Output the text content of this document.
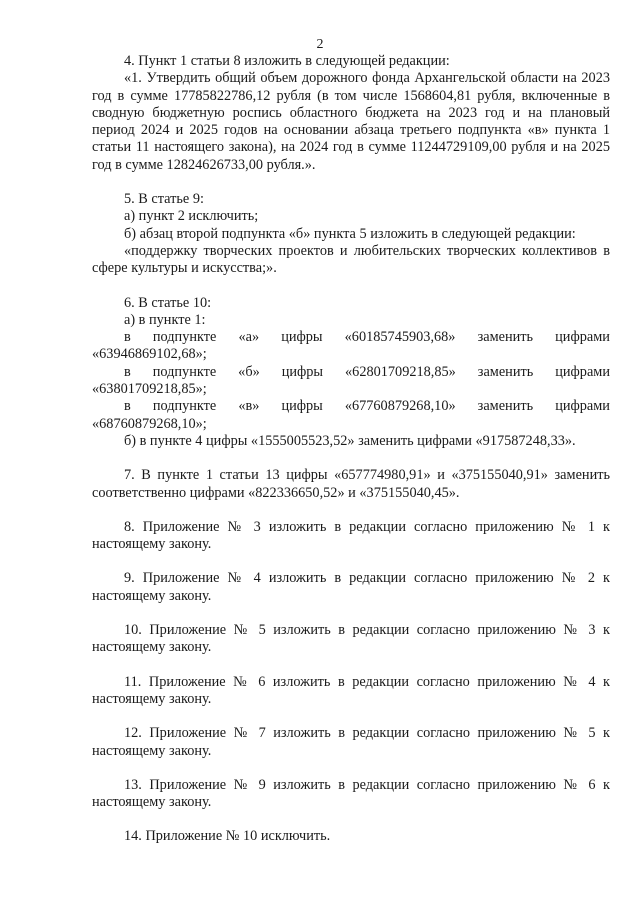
2

4. Пункт 1 статьи 8 изложить в следующей редакции:

«1. Утвердить общий объем дорожного фонда Архангельской области на 2023 год в сумме 17785822786,12 рубля (в том числе 1568604,81 рубля, включенные в сводную бюджетную роспись областного бюджета на 2023 год и на плановый период 2024 и 2025 годов на основании абзаца третьего подпункта «в» пункта 1 статьи 11 настоящего закона), на 2024 год в сумме 11244729109,00 рубля и на 2025 год в сумме 12824626733,00 рубля.».

5. В статье 9:

а) пункт 2 исключить;

б) абзац второй подпункта «б» пункта 5 изложить в следующей редакции:

«поддержку творческих проектов и любительских творческих коллективов в сфере культуры и искусства;».

6. В статье 10:

а) в пункте 1:

в подпункте «а» цифры «60185745903,68» заменить цифрами

«63946869102,68»;

в подпункте «б» цифры «62801709218,85» заменить цифрами

«63801709218,85»;

в подпункте «в» цифры «67760879268,10» заменить цифрами

«68760879268,10»;

б) в пункте 4 цифры «1555005523,52» заменить цифрами «917587248,33».

7. В пункте 1 статьи 13 цифры «657774980,91» и «375155040,91» заменить соответственно цифрами «822336650,52» и «375155040,45».

8. Приложение № 3 изложить в редакции согласно приложению № 1 к настоящему закону.

9. Приложение № 4 изложить в редакции согласно приложению № 2 к настоящему закону.

10. Приложение № 5 изложить в редакции согласно приложению № 3 к настоящему закону.

11. Приложение № 6 изложить в редакции согласно приложению № 4 к настоящему закону.

12. Приложение № 7 изложить в редакции согласно приложению № 5 к настоящему закону.

13. Приложение № 9 изложить в редакции согласно приложению № 6 к настоящему закону.

14. Приложение № 10 исключить.
